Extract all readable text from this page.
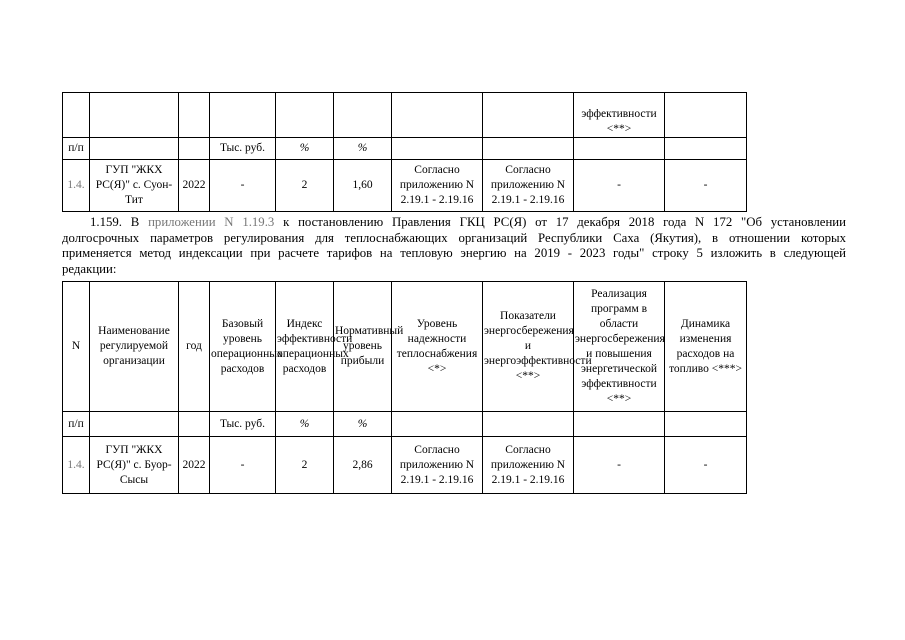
								эффективности <**>	
п/п			Тыс. руб.	%	%				
1.4.	ГУП "ЖКХ РС(Я)" с. Суон-Тит	2022	-	2	1,60	Согласно приложению N 2.19.1 - 2.19.16	Согласно приложению N 2.19.1 - 2.19.16	-	-
1.159. В приложении N 1.19.3 к постановлению Правления ГКЦ РС(Я) от 17 декабря 2018 года N 172 "Об установлении
долгосрочных параметров регулирования для теплоснабжающих организаций Республики Саха (Якутия), в отношении которых
применяется метод индексации при расчете тарифов на тепловую энергию на 2019 - 2023 годы" строку 5 изложить в следующей
редакции:
N	Наименование регулируемой организации	год	Базовый уровень операционных расходов	Индекс эффективности операционных расходов	Нормативный уровень прибыли	Уровень надежности теплоснабжения <*>	Показатели энергосбережения и энергоэффективности <**>	Реализация программ в области энергосбережения и повышения энергетической эффективности <**>	Динамика изменения расходов на топливо <***>
п/п			Тыс. руб.	%	%				
1.4.	ГУП "ЖКХ РС(Я)" с. Буор-Сысы	2022	-	2	2,86	Согласно приложению N 2.19.1 - 2.19.16	Согласно приложению N 2.19.1 - 2.19.16	-	-
